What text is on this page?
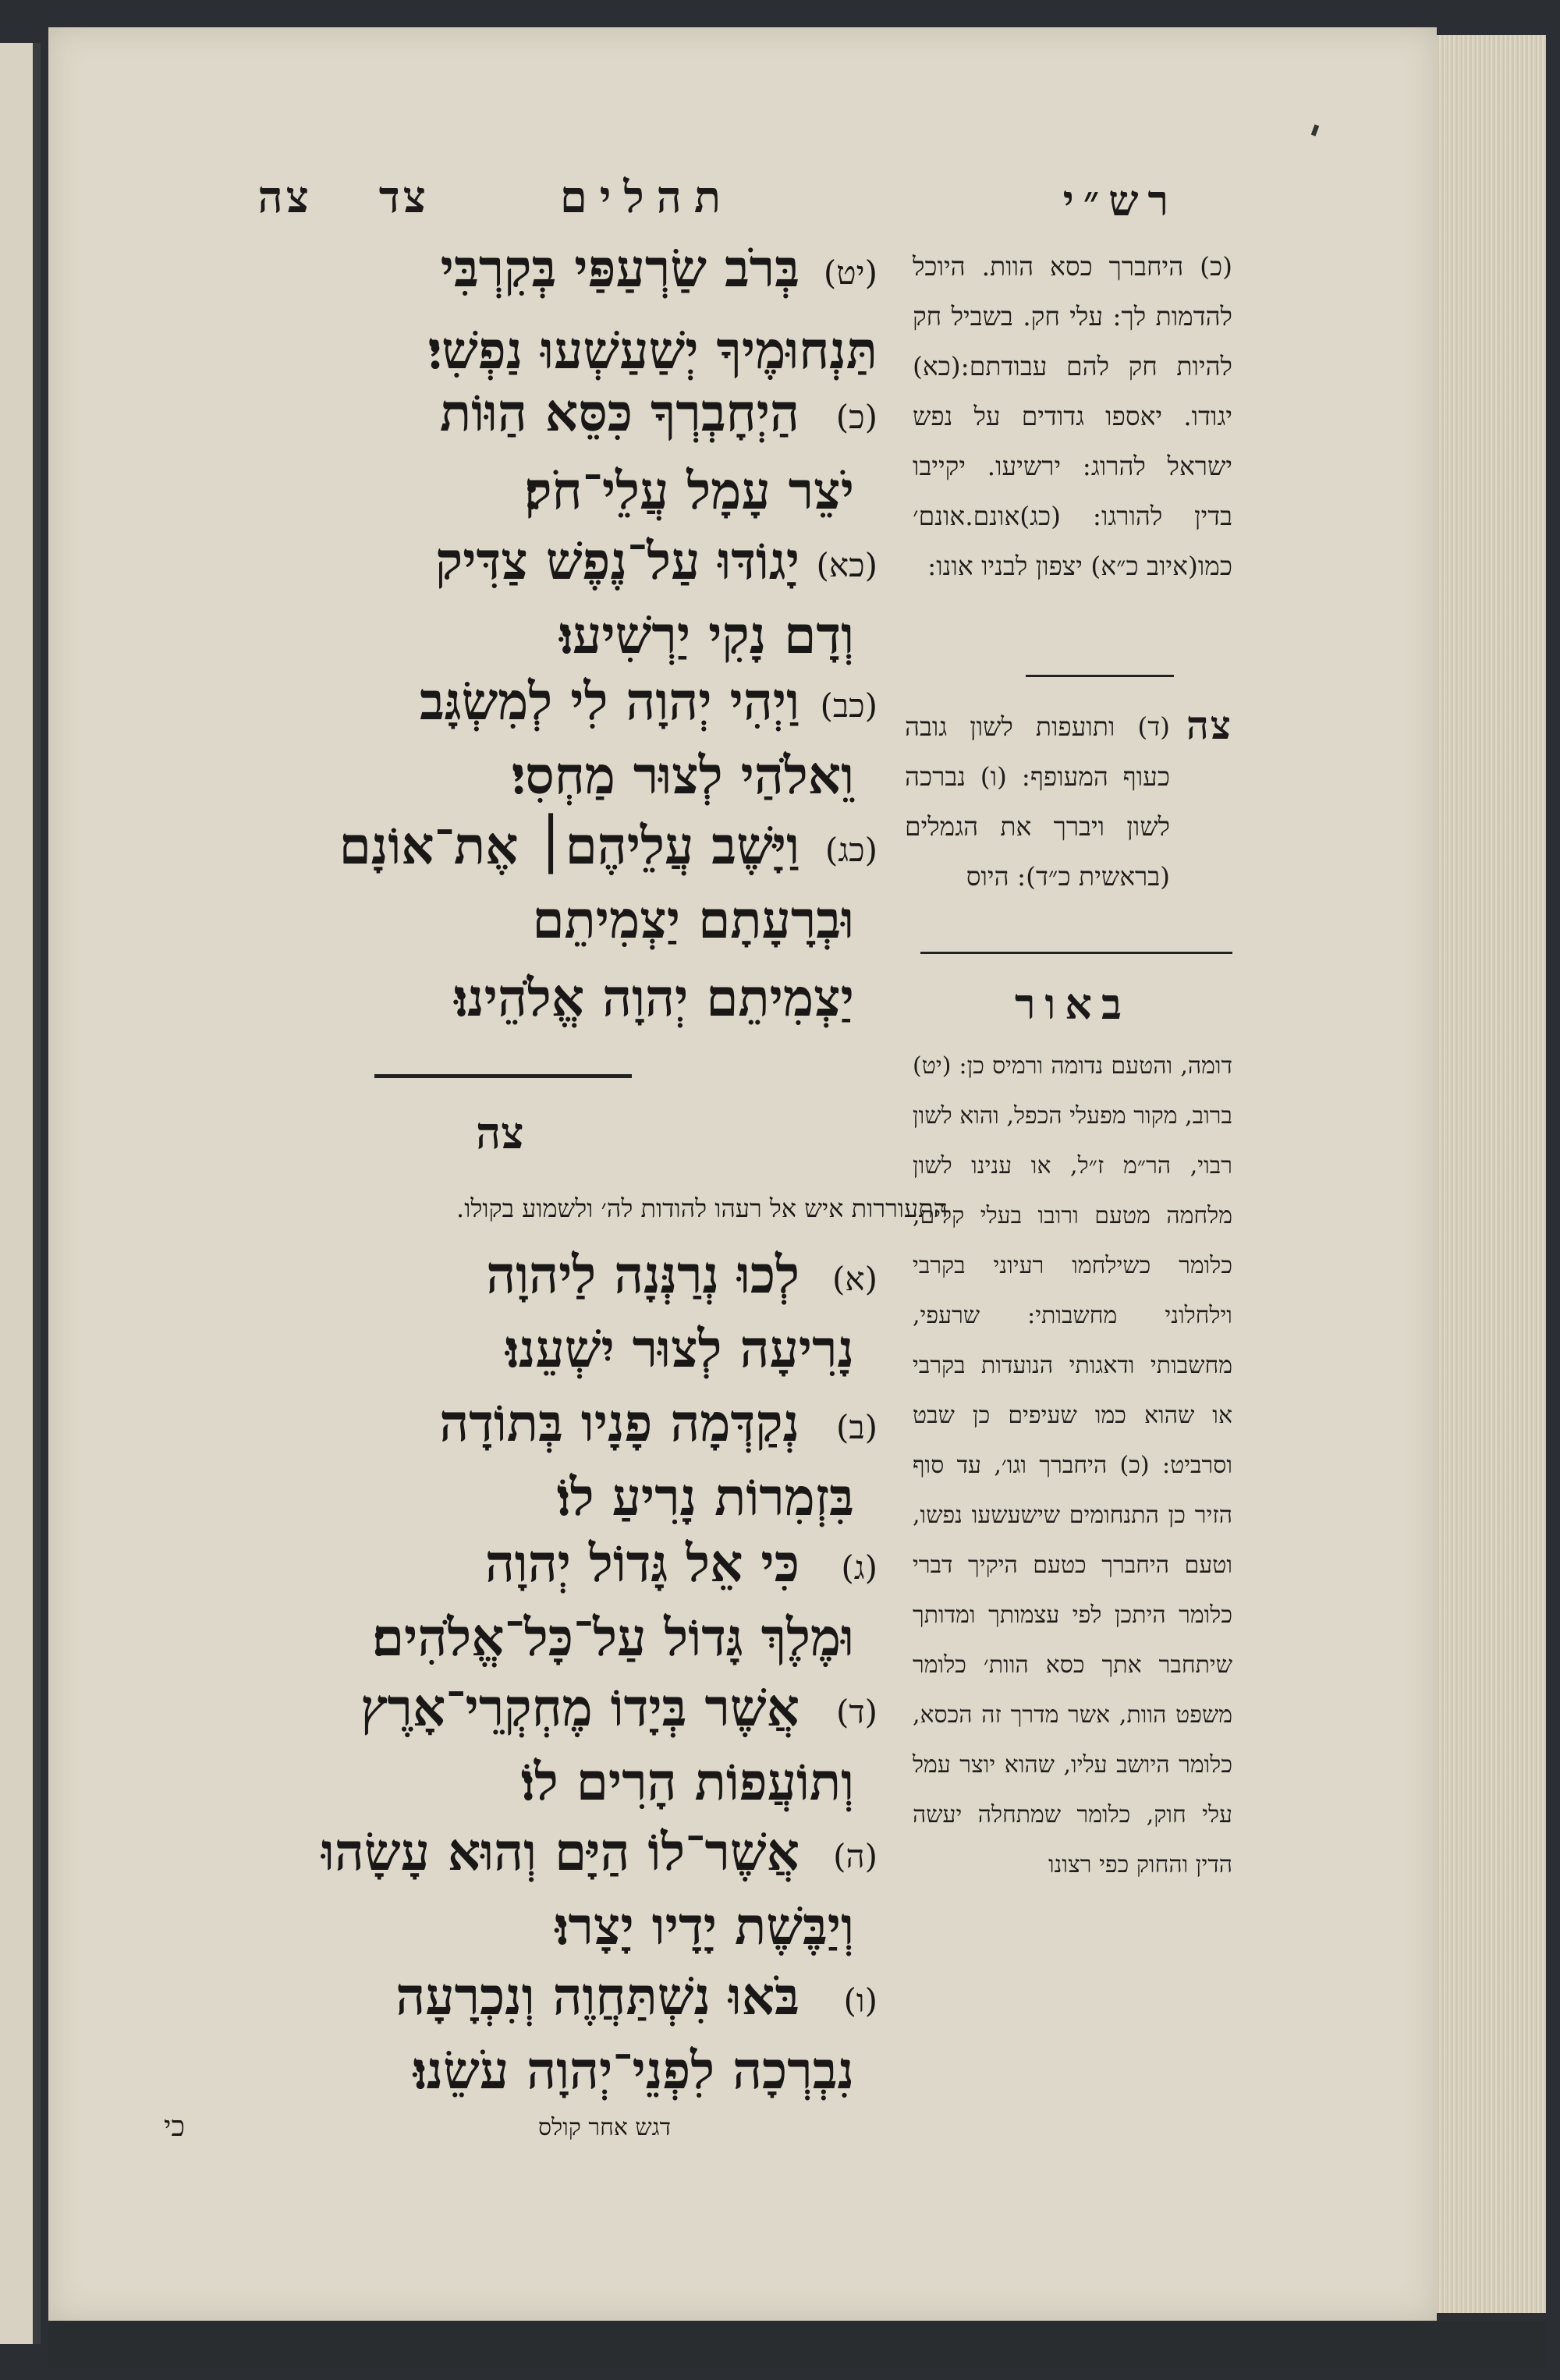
תהלים
צד
צה
(יט)
בְּרֹב שַׂרְעַפַּי בְּקִרְבִּי
תַּנְחוּמֶיךָ יְשַׁעַשְׁעוּ נַפְשִׁי׃
(כ)
הַיְחָבְרְךָ כִּסֵּא הַוּוֹת
יֹצֵר עָמָל עֲלֵי־חֹק׃
(כא)
יָגוֹדּוּ עַל־נֶפֶשׁ צַדִּיק
וְדָם נָקִי יַרְשִׁיעוּ׃
(כב)
וַיְהִי יְהוָה לִי לְמִשְׂגָּב
וֵאלֹהַי לְצוּר מַחְסִי׃
(כג)
וַיָּשֶׁב עֲלֵיהֶם׀ אֶת־אוֹנָם
וּבְרָעָתָם יַצְמִיתֵם
יַצְמִיתֵם יְהוָה אֱלֹהֵינוּ׃
צה
התעוררות איש אל רעהו להודות לה׳ ולשמוע בקולו.
(א)
לְכוּ נְרַנְּנָה לַיהוָה
נָרִיעָה לְצוּר יִשְׁעֵנוּ׃
(ב)
נְקַדְּמָה פָנָיו בְּתוֹדָה
בִּזְמִרוֹת נָרִיעַ לוֹ׃
(ג)
כִּי אֵל גָּדוֹל יְהוָה
וּמֶלֶךְ גָּדוֹל עַל־כָּל־אֱלֹהִים׃
(ד)
אֲשֶׁר בְּיָדוֹ מֶחְקְרֵי־אָרֶץ
וְתוֹעֲפוֹת הָרִים לוֹ׃
(ה)
אֲשֶׁר־לוֹ הַיָּם וְהוּא עָשָׂהוּ
וְיַבֶּשֶׁת יָדָיו יָצָרוּ׃
(ו)
בֹּאוּ נִשְׁתַּחֲוֶה וְנִכְרָעָה
נִבְרְכָה לִפְנֵי־יְהוָה עֹשֵׂנוּ׃
דגש אחר קולס
כי
רש״י
(כ) היחברך כסא הוות. היוכל להדמות לך: עלי חק. בשביל חק להיות חק להם עבודתם:(כא) יגודו. יאספו גדודים על נפש ישראל להרוג: ירשיעו. יקייבו בדין להורגו: (כג)אונם.אונם׳ כמו(איוב כ״א) יצפון לבניו אונו:
צה
(ד) ותועפות לשון גובה כעוף המעופף: (ו) נברכה לשון ויברך את הגמלים (בראשית כ״ד): היוס
באור
דומה, והטעם נדומה ורמיס כן: (יט) ברוב, מקור מפעלי הכפל, והוא לשון רבוי, הר״מ ז״ל, או ענינו לשון מלחמה מטעם ורובו בעלי קלים, כלומר כשילחמו רעיוני בקרבי וילחלוני מחשבותי: שרעפי, מחשבותי ודאגותי הנועדות בקרבי או שהוא כמו שעיפים כן שבט וסרביט: (כ) היחברך וגו׳, עד סוף הזיר כן התנחומים שישעשעו נפשו, וטעם היחברך כטעם היקיך דברי כלומר היתכן לפי עצמותך ומדותך שיתחבר אתך כסא הוות׳ כלומר משפט הוות, אשר מדרך זה הכסא, כלומר היושב עליו, שהוא יוצר עמל עלי חוק, כלומר שמתחלה יעשה הדין והחוק כפי רצונו
